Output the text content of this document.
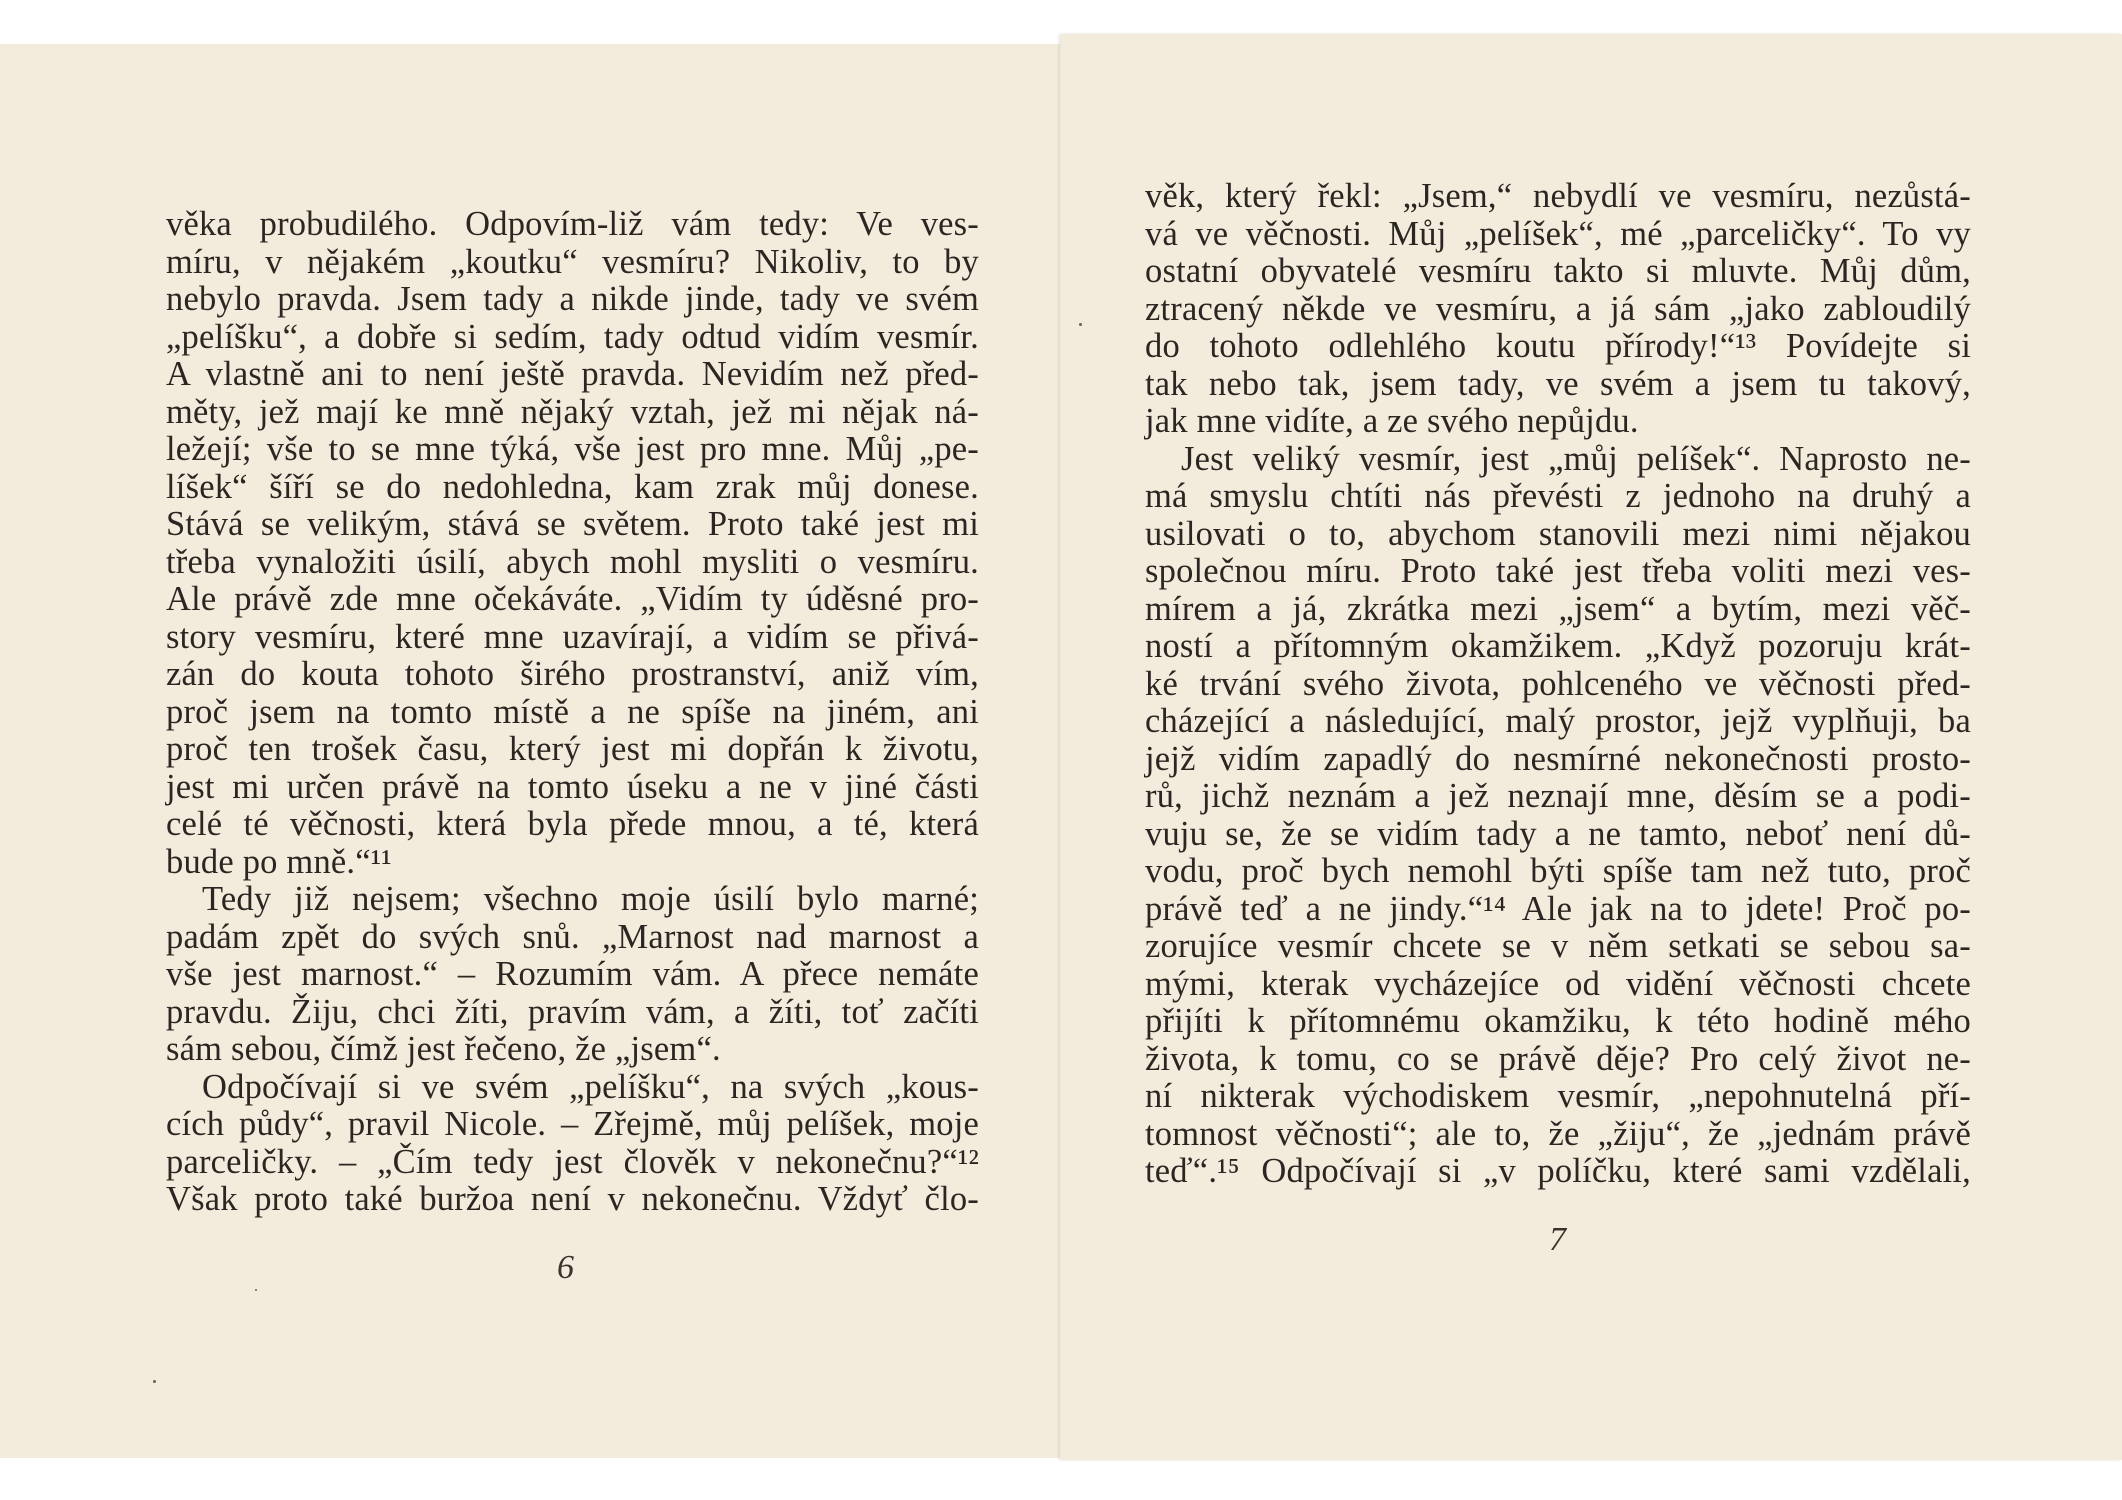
věka probudilého. Odpovím-liž vám tedy: Ve ves-
míru, v nějakém „koutku“ vesmíru? Nikoliv, to by
nebylo pravda. Jsem tady a nikde jinde, tady ve svém
„pelíšku“, a dobře si sedím, tady odtud vidím vesmír.
A vlastně ani to není ještě pravda. Nevidím než před-
měty, jež mají ke mně nějaký vztah, jež mi nějak ná-
ležejí; vše to se mne týká, vše jest pro mne. Můj „pe-
líšek“ šíří se do nedohledna, kam zrak můj donese.
Stává se velikým, stává se světem. Proto také jest mi
třeba vynaložiti úsilí, abych mohl mysliti o vesmíru.
Ale právě zde mne očekáváte. „Vidím ty úděsné pro-
story vesmíru, které mne uzavírají, a vidím se přivá-
zán do kouta tohoto širého prostranství, aniž vím,
proč jsem na tomto místě a ne spíše na jiném, ani
proč ten trošek času, který jest mi dopřán k životu,
jest mi určen právě na tomto úseku a ne v jiné části
celé té věčnosti, která byla přede mnou, a té, která
bude po mně.“¹¹
Tedy již nejsem; všechno moje úsilí bylo marné;
padám zpět do svých snů. „Marnost nad marnost a
vše jest marnost.“ – Rozumím vám. A přece nemáte
pravdu. Žiju, chci žíti, pravím vám, a žíti, toť začíti
sám sebou, čímž jest řečeno, že „jsem“.
Odpočívají si ve svém „pelíšku“, na svých „kous-
cích půdy“, pravil Nicole. – Zřejmě, můj pelíšek, moje
parceličky. – „Čím tedy jest člověk v nekonečnu?“¹²
Však proto také buržoa není v nekonečnu. Vždyť člo-
6
věk, který řekl: „Jsem,“ nebydlí ve vesmíru, nezůstá-
vá ve věčnosti. Můj „pelíšek“, mé „parceličky“. To vy
ostatní obyvatelé vesmíru takto si mluvte. Můj dům,
ztracený někde ve vesmíru, a já sám „jako zabloudilý
do tohoto odlehlého koutu přírody!“¹³ Povídejte si
tak nebo tak, jsem tady, ve svém a jsem tu takový,
jak mne vidíte, a ze svého nepůjdu.
Jest veliký vesmír, jest „můj pelíšek“. Naprosto ne-
má smyslu chtíti nás převésti z jednoho na druhý a
usilovati o to, abychom stanovili mezi nimi nějakou
společnou míru. Proto také jest třeba voliti mezi ves-
mírem a já, zkrátka mezi „jsem“ a bytím, mezi věč-
ností a přítomným okamžikem. „Když pozoruju krát-
ké trvání svého života, pohlceného ve věčnosti před-
cházející a následující, malý prostor, jejž vyplňuji, ba
jejž vidím zapadlý do nesmírné nekonečnosti prosto-
rů, jichž neznám a jež neznají mne, děsím se a podi-
vuju se, že se vidím tady a ne tamto, neboť není dů-
vodu, proč bych nemohl býti spíše tam než tuto, proč
právě teď a ne jindy.“¹⁴ Ale jak na to jdete! Proč po-
zorujíce vesmír chcete se v něm setkati se sebou sa-
mými, kterak vycházejíce od vidění věčnosti chcete
přijíti k přítomnému okamžiku, k této hodině mého
života, k tomu, co se právě děje? Pro celý život ne-
ní nikterak východiskem vesmír, „nepohnutelná pří-
tomnost věčnosti“; ale to, že „žiju“, že „jednám právě
teď“.¹⁵ Odpočívají si „v políčku, které sami vzdělali,
7
